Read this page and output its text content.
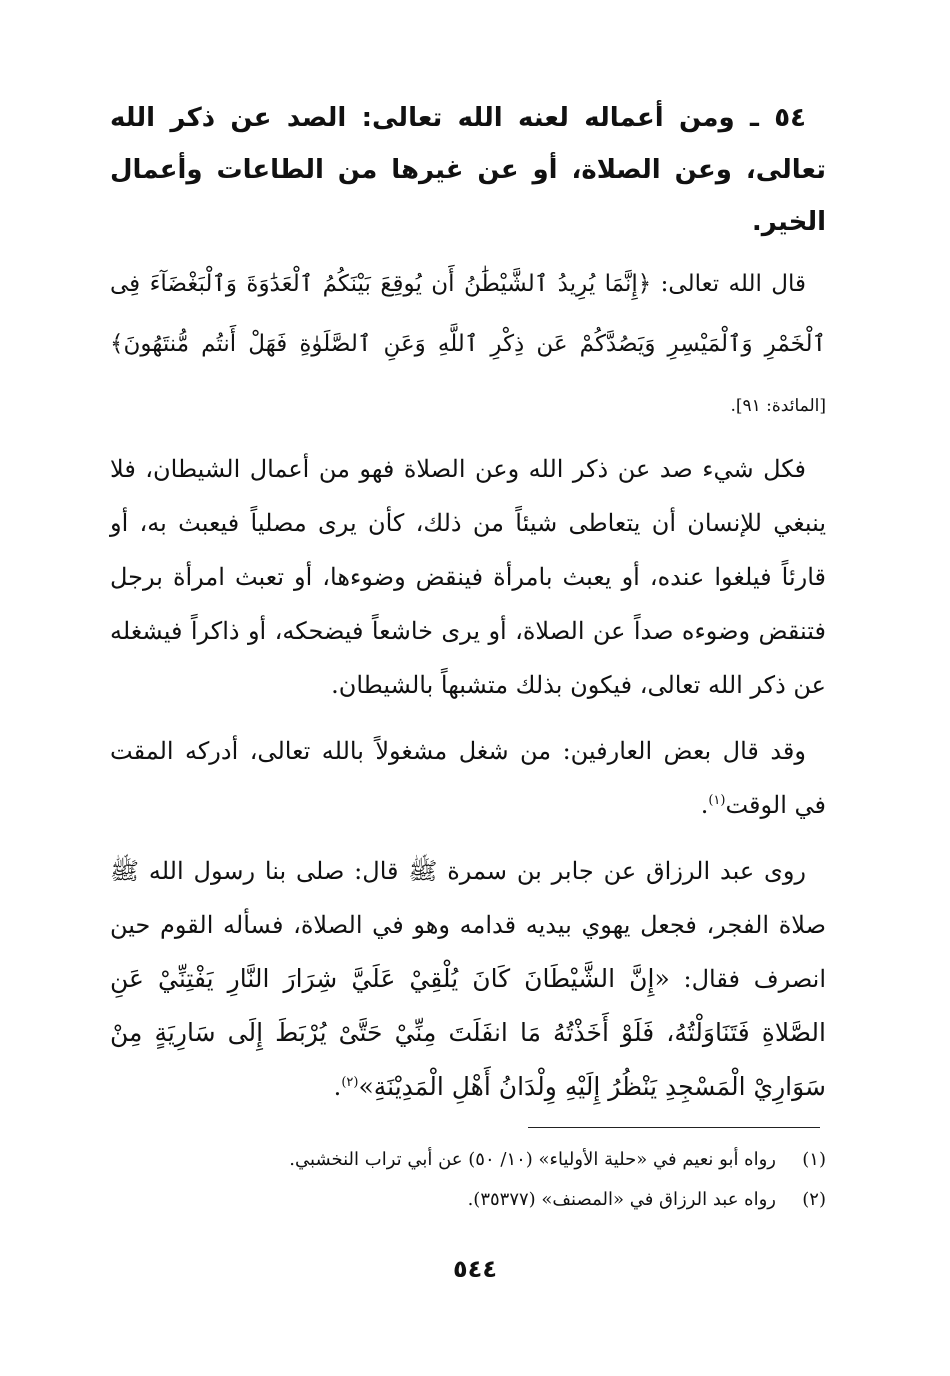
٥٤ ـ ومن أعماله لعنه الله تعالى: الصد عن ذكر الله تعالى، وعن الصلاة، أو عن غيرها من الطاعات وأعمال الخير.

قال الله تعالى: ﴿إِنَّمَا يُرِيدُ ٱلشَّيْطَٰنُ أَن يُوقِعَ بَيْنَكُمُ ٱلْعَدَٰوَةَ وَٱلْبَغْضَآءَ فِى ٱلْخَمْرِ وَٱلْمَيْسِرِ وَيَصُدَّكُمْ عَن ذِكْرِ ٱللَّهِ وَعَنِ ٱلصَّلَوٰةِ فَهَلْ أَنتُم مُّنتَهُونَ﴾ [المائدة: ٩١].

فكل شيء صد عن ذكر الله وعن الصلاة فهو من أعمال الشيطان، فلا ينبغي للإنسان أن يتعاطى شيئاً من ذلك، كأن يرى مصلياً فيعبث به، أو قارئاً فيلغوا عنده، أو يعبث بامرأة فينقض وضوءها، أو تعبث امرأة برجل فتنقض وضوءه صداً عن الصلاة، أو يرى خاشعاً فيضحكه، أو ذاكراً فيشغله عن ذكر الله تعالى، فيكون بذلك متشبهاً بالشيطان.

وقد قال بعض العارفين: من شغل مشغولاً بالله تعالى، أدركه المقت في الوقت$^{(١)}$.

روى عبد الرزاق عن جابر بن سمرة ﷺ قال: صلى بنا رسول الله ﷺ صلاة الفجر، فجعل يهوي بيديه قدامه وهو في الصلاة، فسأله القوم حين انصرف فقال: «إِنَّ الشَّيْطَانَ كَانَ يُلْقِيْ عَلَيَّ شِرَارَ النَّارِ يَفْتِنِّيْ عَنِ الصَّلاةِ فَتَنَاوَلْتُهُ، فَلَوْ أَخَذْتُهُ مَا انفَلَتَ مِنِّيْ حَتَّىْ يُرْبَطَ إِلَى سَارِيَةٍ مِنْ سَوَارِيْ الْمَسْجِدِ يَنْظُرُ إِلَيْهِ وِلْدَانُ أَهْلِ الْمَدِيْنَةِ»$^{(٢)}$.

(١)
رواه أبو نعيم في «حلية الأولياء» (١٠/ ٥٠) عن أبي تراب النخشبي.
(٢)
رواه عبد الرزاق في «المصنف» (٣٥٣٧٧).
٥٤٤
